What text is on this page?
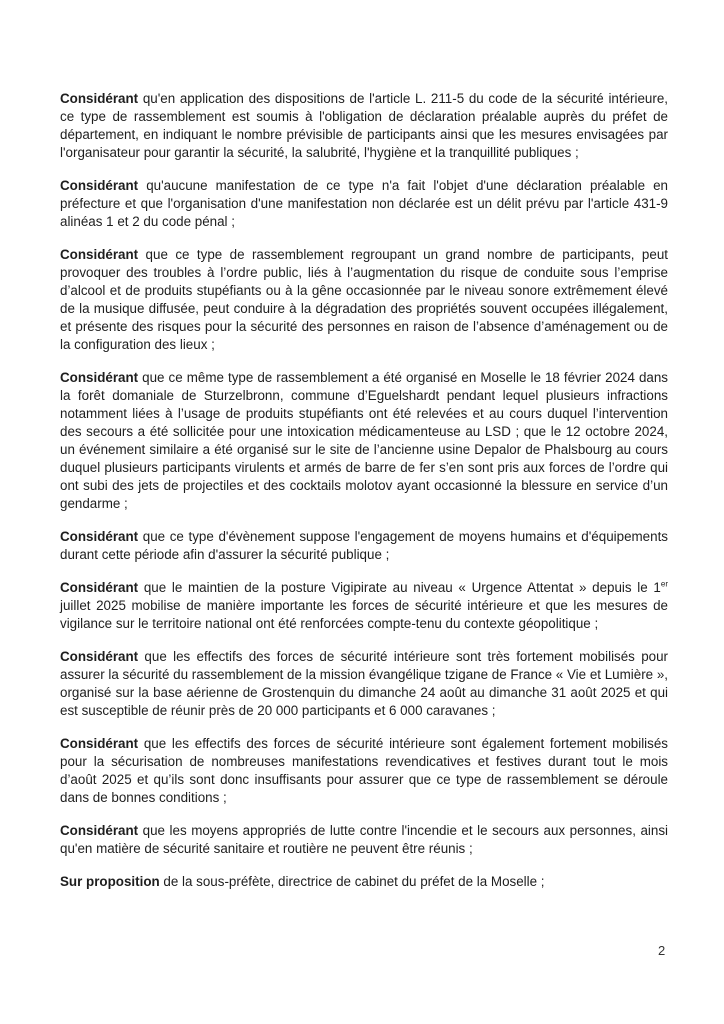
Considérant qu'en application des dispositions de l'article L. 211-5 du code de la sécurité intérieure, ce type de rassemblement est soumis à l'obligation de déclaration préalable auprès du préfet de département, en indiquant le nombre prévisible de participants ainsi que les mesures envisagées par l'organisateur pour garantir la sécurité, la salubrité, l'hygiène et la tranquillité publiques ;

Considérant qu'aucune manifestation de ce type n'a fait l'objet d'une déclaration préalable en préfecture et que l'organisation d'une manifestation non déclarée est un délit prévu par l'article 431-9 alinéas 1 et 2 du code pénal ;

Considérant que ce type de rassemblement regroupant un grand nombre de participants, peut provoquer des troubles à l’ordre public, liés à l’augmentation du risque de conduite sous l’emprise d’alcool et de produits stupéfiants ou à la gêne occasionnée par le niveau sonore extrêmement élevé de la musique diffusée, peut conduire à la dégradation des propriétés souvent occupées illégalement, et présente des risques pour la sécurité des personnes en raison de l’absence d’aménagement ou de la configuration des lieux ;

Considérant que ce même type de rassemblement a été organisé en Moselle le 18 février 2024 dans la forêt domaniale de Sturzelbronn, commune d’Eguelshardt pendant lequel plusieurs infractions notamment liées à l’usage de produits stupéfiants ont été relevées et au cours duquel l’intervention des secours a été sollicitée pour une intoxication médicamenteuse au LSD ; que le 12 octobre 2024, un événement similaire a été organisé sur le site de l’ancienne usine Depalor de Phalsbourg au cours duquel plusieurs participants virulents et armés de barre de fer s’en sont pris aux forces de l’ordre qui ont subi des jets de projectiles et des cocktails molotov ayant occasionné la blessure en service d’un gendarme ;

Considérant que ce type d'évènement suppose l'engagement de moyens humains et d'équipements durant cette période afin d'assurer la sécurité publique ;

Considérant que le maintien de la posture Vigipirate au niveau « Urgence Attentat » depuis le 1er juillet 2025 mobilise de manière importante les forces de sécurité intérieure et que les mesures de vigilance sur le territoire national ont été renforcées compte-tenu du contexte géopolitique ;

Considérant que les effectifs des forces de sécurité intérieure sont très fortement mobilisés pour assurer la sécurité du rassemblement de la mission évangélique tzigane de France « Vie et Lumière », organisé sur la base aérienne de Grostenquin du dimanche 24 août au dimanche 31 août 2025 et qui est susceptible de réunir près de 20 000 participants et 6 000 caravanes ;

Considérant que les effectifs des forces de sécurité intérieure sont également fortement mobilisés pour la sécurisation de nombreuses manifestations revendicatives et festives durant tout le mois d’août 2025 et qu’ils sont donc insuffisants pour assurer que ce type de rassemblement se déroule dans de bonnes conditions ;

Considérant que les moyens appropriés de lutte contre l'incendie et le secours aux personnes, ainsi qu'en matière de sécurité sanitaire et routière ne peuvent être réunis ;

Sur proposition de la sous-préfète, directrice de cabinet du préfet de la Moselle ;

2
